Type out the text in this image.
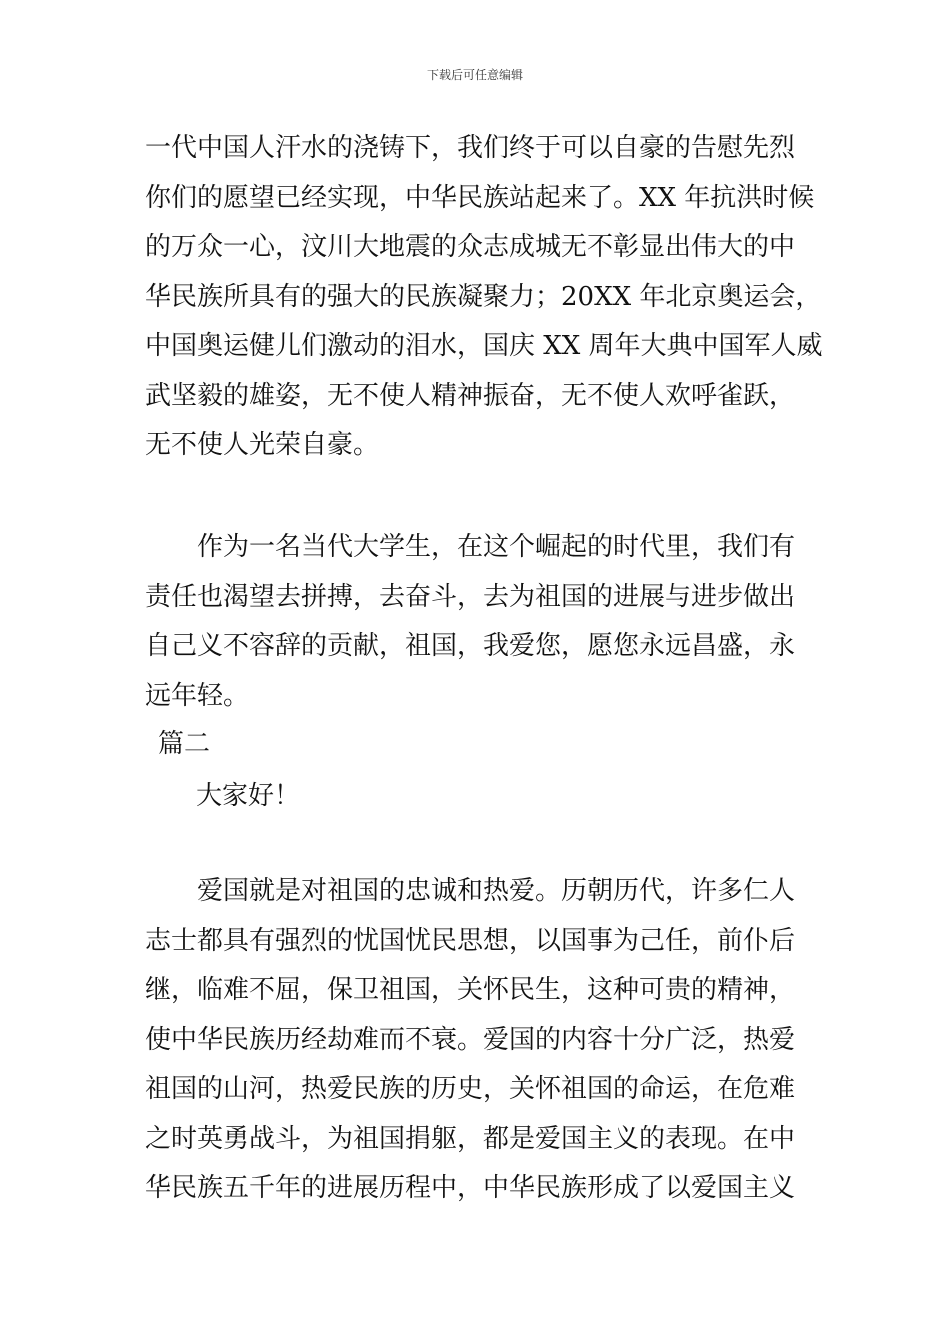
下载后可任意编辑
一代中国人汗水的浇铸下，我们终于可以自豪的告慰先烈
你们的愿望已经实现，中华民族站起来了。XX 年抗洪时候
的万众一心，汶川大地震的众志成城无不彰显出伟大的中
华民族所具有的强大的民族凝聚力；20XX 年北京奥运会，
中国奥运健儿们激动的泪水，国庆 XX 周年大典中国军人威
武坚毅的雄姿，无不使人精神振奋，无不使人欢呼雀跃，
无不使人光荣自豪。
作为一名当代大学生，在这个崛起的时代里，我们有
责任也渴望去拼搏，去奋斗，去为祖国的进展与进步做出
自己义不容辞的贡献，祖国，我爱您，愿您永远昌盛，永
远年轻。
篇二
大家好！
爱国就是对祖国的忠诚和热爱。历朝历代，许多仁人
志士都具有强烈的忧国忧民思想，以国事为己任，前仆后
继，临难不屈，保卫祖国，关怀民生，这种可贵的精神，
使中华民族历经劫难而不衰。爱国的内容十分广泛，热爱
祖国的山河，热爱民族的历史，关怀祖国的命运，在危难
之时英勇战斗，为祖国捐躯，都是爱国主义的表现。在中
华民族五千年的进展历程中，中华民族形成了以爱国主义
